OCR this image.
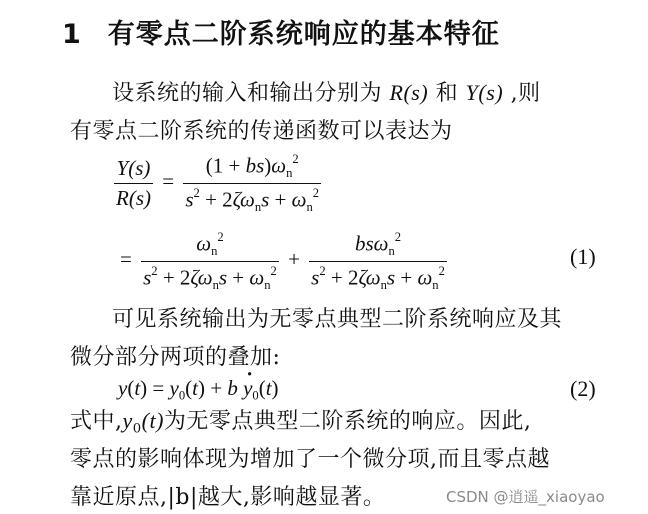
1 有零点二阶系统响应的基本特征
设系统的输入和输出分别为 R(s) 和 Y(s) ,则
有零点二阶系统的传递函数可以表达为
$\frac{Y(s)}{R(s)} = \frac{(1 + bs)\omega_n^2}{s^2 + 2\zeta\omega_ns + \omega_n^2}$
= $\frac{\omega_n^2}{s^2 + 2\zeta\omega_ns + \omega_n^2} + \frac{bs\omega_n^2}{s^2 + 2\zeta\omega_ns + \omega_n^2}$	(1)
可见系统输出为无零点典型二阶系统响应及其
微分部分两项的叠加:
$y(t) = y_0(t) + b \cdot y_0(t)$	(2)
式中$,y_0(t)$为无零点典型二阶系统的响应。因此,
零点的影响体现为增加了一个微分项,而且零点越
靠近原点,|b|越大,影响越显著。	CSDN @逍遥_xiaoyao
